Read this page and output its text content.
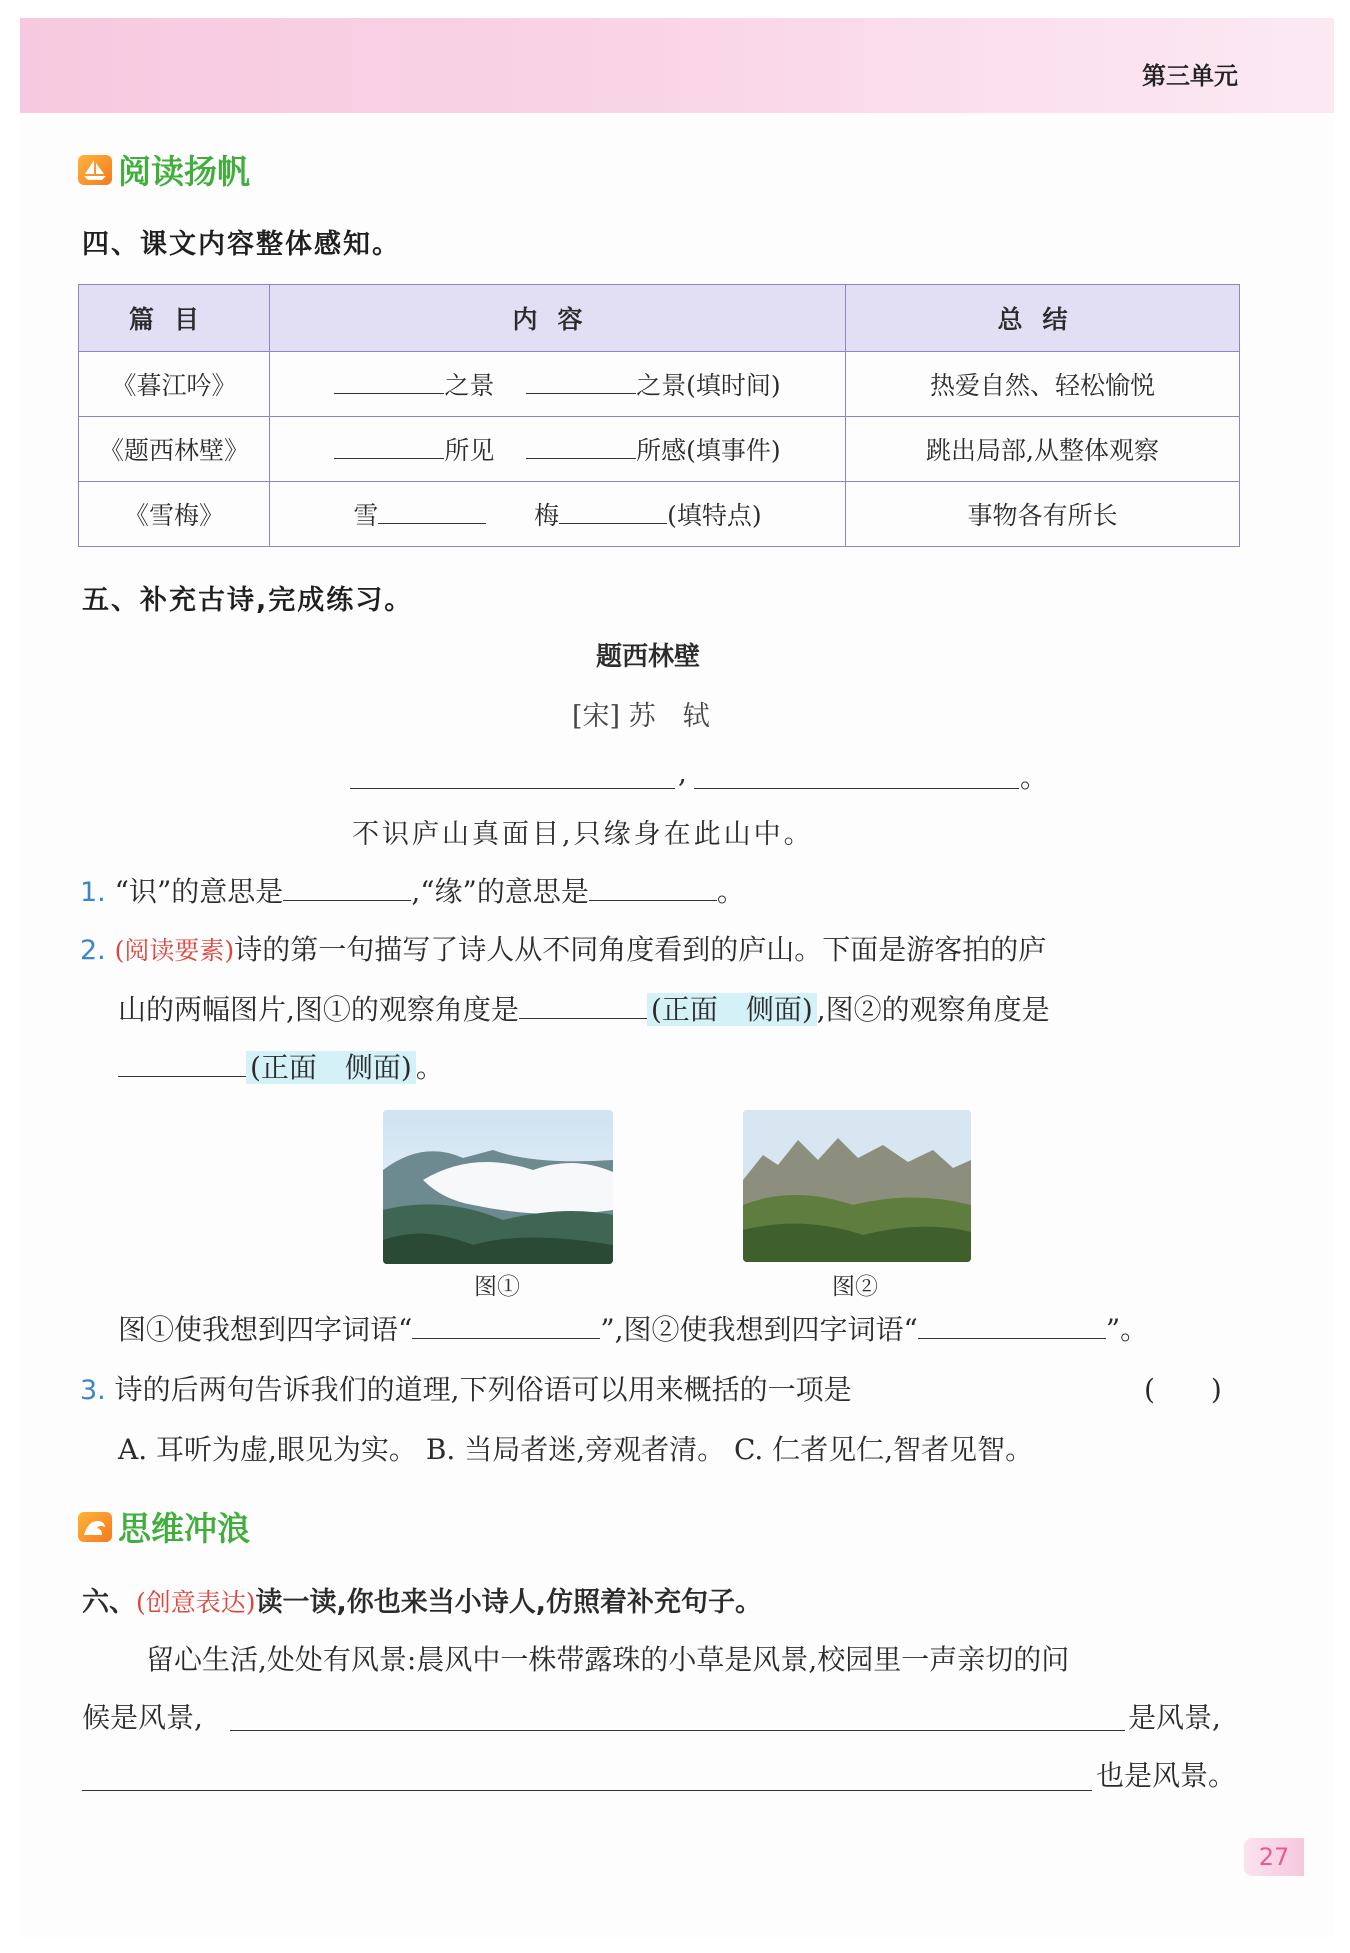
第三单元
阅读扬帆
四、课文内容整体感知。
篇目	内容	总结
《暮江吟》	之景 之景(填时间)	热爱自然、轻松愉悦
《题西林壁》	所见 所感(填事件)	跳出局部,从整体观察
《雪梅》	雪 梅 (填特点)	事物各有所长
五、补充古诗,完成练习。
题西林壁
[宋] 苏　轼
,	。
不识庐山真面目,只缘身在此山中。
1. “识”的意思是	,“缘”的意思是	。
2. (阅读要素)诗的第一句描写了诗人从不同角度看到的庐山。下面是游客拍的庐
山的两幅图片,图①的观察角度是	(正面　侧面) ,图②的观察角度是
(正面　侧面) 。
图①	图②
图①使我想到四字词语“	”,图②使我想到四字词语“	”。
3. 诗的后两句告诉我们的道理,下列俗语可以用来概括的一项是	(　　)
A. 耳听为虚,眼见为实。 B. 当局者迷,旁观者清。 C. 仁者见仁,智者见智。
思维冲浪
六、(创意表达)读一读,你也来当小诗人,仿照着补充句子。
留心生活,处处有风景:晨风中一株带露珠的小草是风景,校园里一声亲切的问
候是风景,	是风景,
也是风景。
27
